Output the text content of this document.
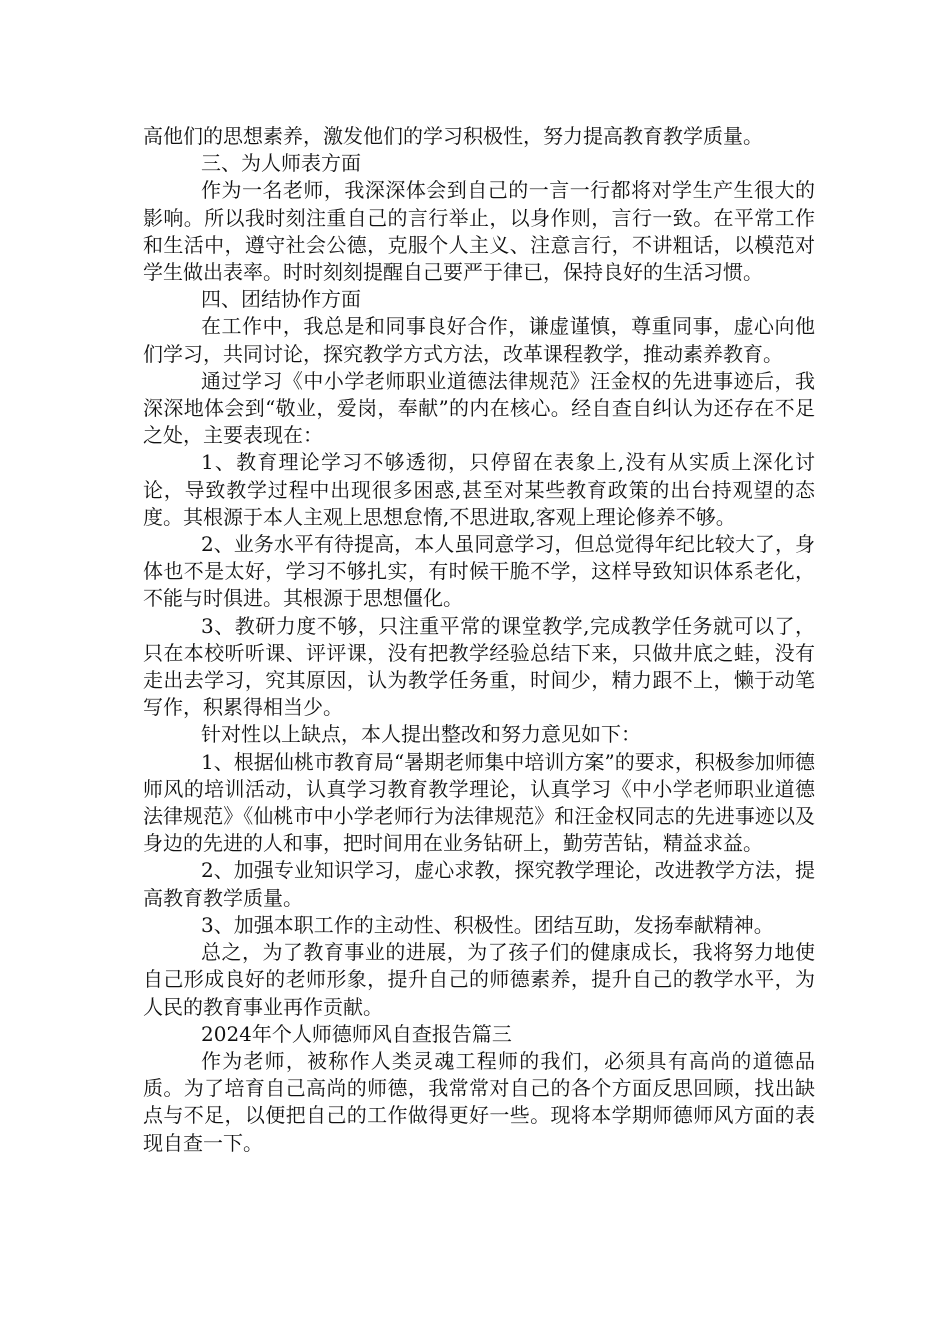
高他们的思想素养，激发他们的学习积极性，努力提高教育教学质量。

三、为人师表方面

作为一名老师，我深深体会到自己的一言一行都将对学生产生很大的影响。所以我时刻注重自己的言行举止，以身作则，言行一致。在平常工作和生活中，遵守社会公德，克服个人主义、注意言行，不讲粗话，以模范对学生做出表率。时时刻刻提醒自己要严于律已，保持良好的生活习惯。

四、团结协作方面

在工作中，我总是和同事良好合作，谦虚谨慎，尊重同事，虚心向他们学习，共同讨论，探究教学方式方法，改革课程教学，推动素养教育。

通过学习《中小学老师职业道德法律规范》汪金权的先进事迹后，我深深地体会到“敬业，爱岗，奉献”的内在核心。经自查自纠认为还存在不足之处，主要表现在：

1、教育理论学习不够透彻，只停留在表象上,没有从实质上深化讨论，导致教学过程中出现很多困惑,甚至对某些教育政策的出台持观望的态度。其根源于本人主观上思想怠惰,不思进取,客观上理论修养不够。

2、业务水平有待提高，本人虽同意学习，但总觉得年纪比较大了，身体也不是太好，学习不够扎实，有时候干脆不学，这样导致知识体系老化，不能与时俱进。其根源于思想僵化。

3、教研力度不够，只注重平常的课堂教学,完成教学任务就可以了，只在本校听听课、评评课，没有把教学经验总结下来，只做井底之蛙，没有走出去学习，究其原因，认为教学任务重，时间少，精力跟不上，懒于动笔写作，积累得相当少。

针对性以上缺点，本人提出整改和努力意见如下：

1、根据仙桃市教育局“暑期老师集中培训方案”的要求，积极参加师德师风的培训活动，认真学习教育教学理论，认真学习《中小学老师职业道德法律规范》《仙桃市中小学老师行为法律规范》和汪金权同志的先进事迹以及身边的先进的人和事，把时间用在业务钻研上，勤劳苦钻，精益求益。

2、加强专业知识学习，虚心求教，探究教学理论，改进教学方法，提高教育教学质量。

3、加强本职工作的主动性、积极性。团结互助，发扬奉献精神。

总之，为了教育事业的进展，为了孩子们的健康成长，我将努力地使自己形成良好的老师形象，提升自己的师德素养，提升自己的教学水平，为人民的教育事业再作贡献。

2024年个人师德师风自查报告篇三

作为老师，被称作人类灵魂工程师的我们，必须具有高尚的道德品质。为了培育自己高尚的师德，我常常对自己的各个方面反思回顾，找出缺点与不足，以便把自己的工作做得更好一些。现将本学期师德师风方面的表现自查一下。
